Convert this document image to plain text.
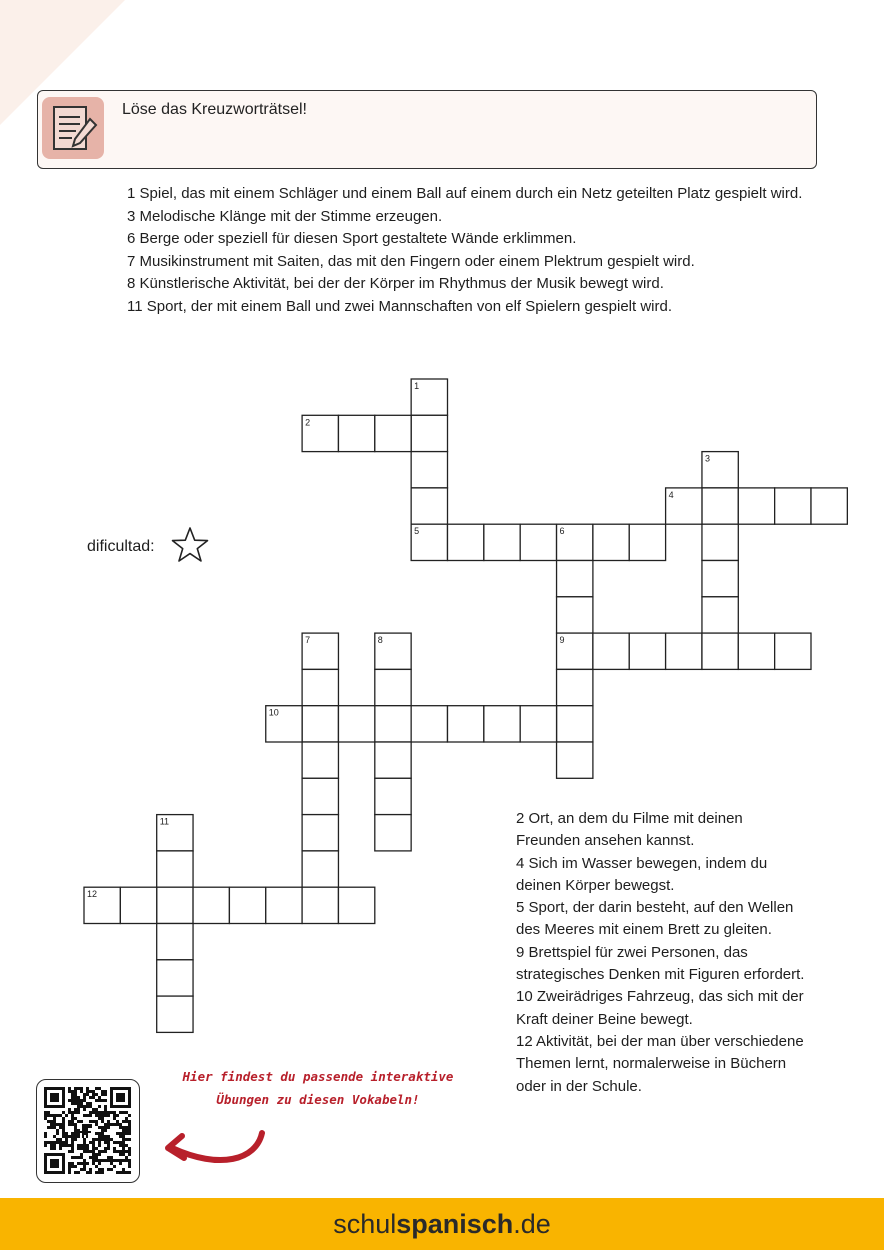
Löse das Kreuzworträtsel!
1 Spiel, das mit einem Schläger und einem Ball auf einem durch ein Netz geteilten Platz gespielt wird.
3 Melodische Klänge mit der Stimme erzeugen.
6 Berge oder speziell für diesen Sport gestaltete Wände erklimmen.
7 Musikinstrument mit Saiten, das mit den Fingern oder einem Plektrum gespielt wird.
8 Künstlerische Aktivität, bei der der Körper im Rhythmus der Musik bewegt wird.
11 Sport, der mit einem Ball und zwei Mannschaften von elf Spielern gespielt wird.
dificultad:
1
2
3
4
5	6
7	8	9
10
11
12
2 Ort, an dem du Filme mit deinen Freunden ansehen kannst.
4 Sich im Wasser bewegen, indem du deinen Körper bewegst.
5 Sport, der darin besteht, auf den Wellen des Meeres mit einem Brett zu gleiten.
9 Brettspiel für zwei Personen, das strategisches Denken mit Figuren erfordert.
10 Zweirädriges Fahrzeug, das sich mit der Kraft deiner Beine bewegt.
12 Aktivität, bei der man über verschiedene Themen lernt, normalerweise in Büchern oder in der Schule.
Hier findest du passende interaktive
Übungen zu diesen Vokabeln!
schulspanisch.de
